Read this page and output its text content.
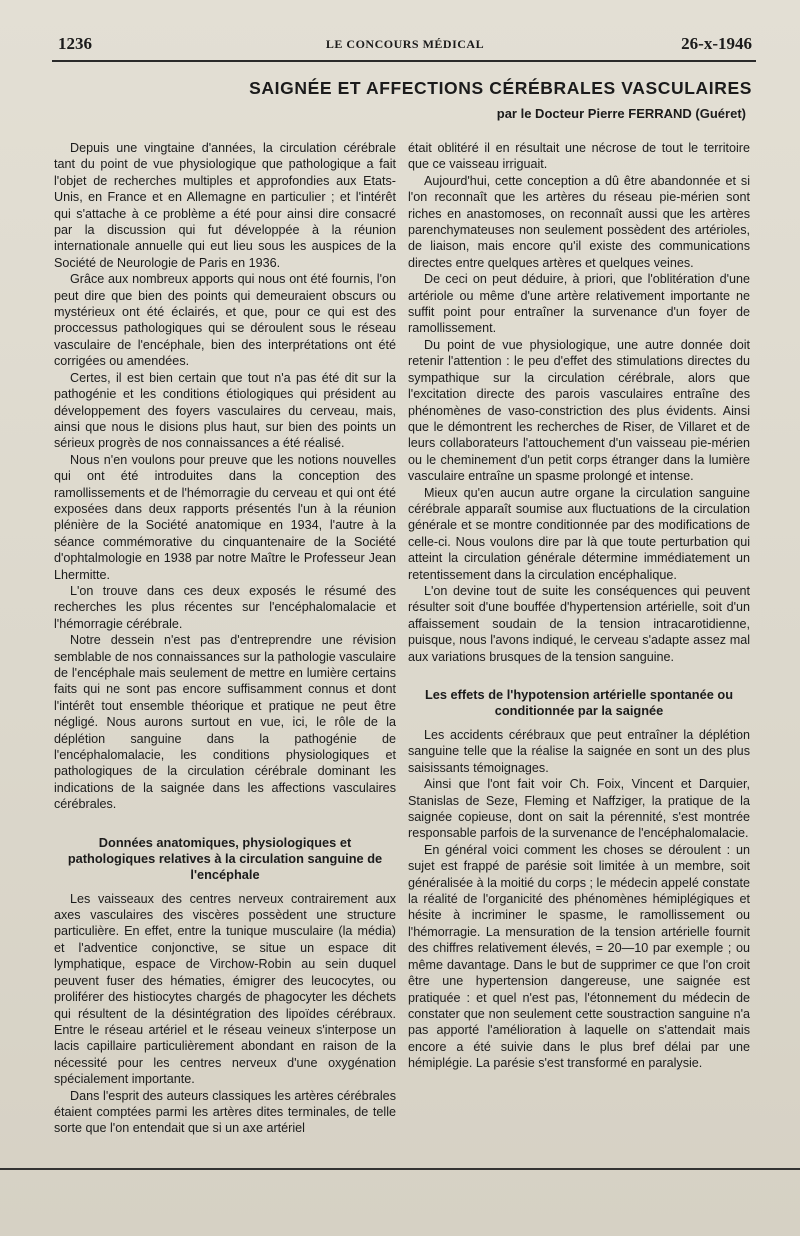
1236	LE CONCOURS MÉDICAL	26-x-1946
SAIGNÉE ET AFFECTIONS CÉRÉBRALES VASCULAIRES
par le Docteur Pierre FERRAND (Guéret)

Depuis une vingtaine d'années, la circulation cérébrale tant du point de vue physiologique que pathologique a fait l'objet de recherches multiples et approfondies aux Etats-Unis, en France et en Allemagne en particulier ; et l'intérêt qui s'attache à ce problème a été pour ainsi dire consacré par la discussion qui fut développée à la réunion internationale annuelle qui eut lieu sous les auspices de la Société de Neurologie de Paris en 1936.

Grâce aux nombreux apports qui nous ont été fournis, l'on peut dire que bien des points qui demeuraient obscurs ou mystérieux ont été éclairés, et que, pour ce qui est des proccessus pathologiques qui se déroulent sous le réseau vasculaire de l'encéphale, bien des interprétations ont été corrigées ou amendées.

Certes, il est bien certain que tout n'a pas été dit sur la pathogénie et les conditions étiologiques qui président au développement des foyers vasculaires du cerveau, mais, ainsi que nous le disions plus haut, sur bien des points un sérieux progrès de nos connaissances a été réalisé.

Nous n'en voulons pour preuve que les notions nouvelles qui ont été introduites dans la conception des ramollissements et de l'hémorragie du cerveau et qui ont été exposées dans deux rapports présentés l'un à la réunion plénière de la Société anatomique en 1934, l'autre à la séance commémorative du cinquantenaire de la Société d'ophtalmologie en 1938 par notre Maître le Professeur Jean Lhermitte.

L'on trouve dans ces deux exposés le résumé des recherches les plus récentes sur l'encéphalomalacie et l'hémorragie cérébrale.

Notre dessein n'est pas d'entreprendre une révision semblable de nos connaissances sur la pathologie vasculaire de l'encéphale mais seulement de mettre en lumière certains faits qui ne sont pas encore suffisamment connus et dont l'intérêt tout ensemble théorique et pratique ne peut être négligé. Nous aurons surtout en vue, ici, le rôle de la déplétion sanguine dans la pathogénie de l'encéphalomalacie, les conditions physiologiques et pathologiques de la circulation cérébrale dominant les indications de la saignée dans les affections vasculaires cérébrales.

Données anatomiques, physiologiques et pathologiques relatives à la circulation sanguine de l'encéphale

Les vaisseaux des centres nerveux contrairement aux axes vasculaires des viscères possèdent une structure particulière. En effet, entre la tunique musculaire (la média) et l'adventice conjonctive, se situe un espace dit lymphatique, espace de Virchow-Robin au sein duquel peuvent fuser des hématies, émigrer des leucocytes, ou proliférer des histiocytes chargés de phagocyter les déchets qui résultent de la désintégration des lipoïdes cérébraux. Entre le réseau artériel et le réseau veineux s'interpose un lacis capillaire particulièrement abondant en raison de la nécessité pour les centres nerveux d'une oxygénation spécialement importante.

Dans l'esprit des auteurs classiques les artères cérébrales étaient comptées parmi les artères dites terminales, de telle sorte que l'on entendait que si un axe artériel

était oblitéré il en résultait une nécrose de tout le territoire que ce vaisseau irriguait.

Aujourd'hui, cette conception a dû être abandonnée et si l'on reconnaît que les artères du réseau pie-mérien sont riches en anastomoses, on reconnaît aussi que les artères parenchymateuses non seulement possèdent des artérioles, de liaison, mais encore qu'il existe des communications directes entre quelques artères et quelques veines.

De ceci on peut déduire, à priori, que l'oblitération d'une artériole ou même d'une artère relativement importante ne suffit point pour entraîner la survenance d'un foyer de ramollissement.

Du point de vue physiologique, une autre donnée doit retenir l'attention : le peu d'effet des stimulations directes du sympathique sur la circulation cérébrale, alors que l'excitation directe des parois vasculaires entraîne des phénomènes de vaso-constriction des plus évidents. Ainsi que le démontrent les recherches de Riser, de Villaret et de leurs collaborateurs l'attouchement d'un vaisseau pie-mérien ou le cheminement d'un petit corps étranger dans la lumière vasculaire entraîne un spasme prolongé et intense.

Mieux qu'en aucun autre organe la circulation sanguine cérébrale apparaît soumise aux fluctuations de la circulation générale et se montre conditionnée par des modifications de celle-ci. Nous voulons dire par là que toute perturbation qui atteint la circulation générale détermine immédiatement un retentissement dans la circulation encéphalique.

L'on devine tout de suite les conséquences qui peuvent résulter soit d'une bouffée d'hypertension artérielle, soit d'un affaissement soudain de la tension intracarotidienne, puisque, nous l'avons indiqué, le cerveau s'adapte assez mal aux variations brusques de la tension sanguine.

Les effets de l'hypotension artérielle spontanée ou conditionnée par la saignée

Les accidents cérébraux que peut entraîner la déplétion sanguine telle que la réalise la saignée en sont un des plus saisissants témoignages.

Ainsi que l'ont fait voir Ch. Foix, Vincent et Darquier, Stanislas de Seze, Fleming et Naffziger, la pratique de la saignée copieuse, dont on sait la pérennité, s'est montrée responsable parfois de la survenance de l'encéphalomalacie.

En général voici comment les choses se déroulent : un sujet est frappé de parésie soit limitée à un membre, soit généralisée à la moitié du corps ; le médecin appelé constate la réalité de l'organicité des phénomènes hémiplégiques et hésite à incriminer le spasme, le ramollissement ou l'hémorragie. La mensuration de la tension artérielle fournit des chiffres relativement élevés, = 20—10 par exemple ; ou même davantage. Dans le but de supprimer ce que l'on croit être une hypertension dangereuse, une saignée est pratiquée : et quel n'est pas, l'étonnement du médecin de constater que non seulement cette soustraction sanguine n'a pas apporté l'amélioration à laquelle on s'attendait mais encore a été suivie dans le plus bref délai par une hémiplégie. La parésie s'est transformé en paralysie.
